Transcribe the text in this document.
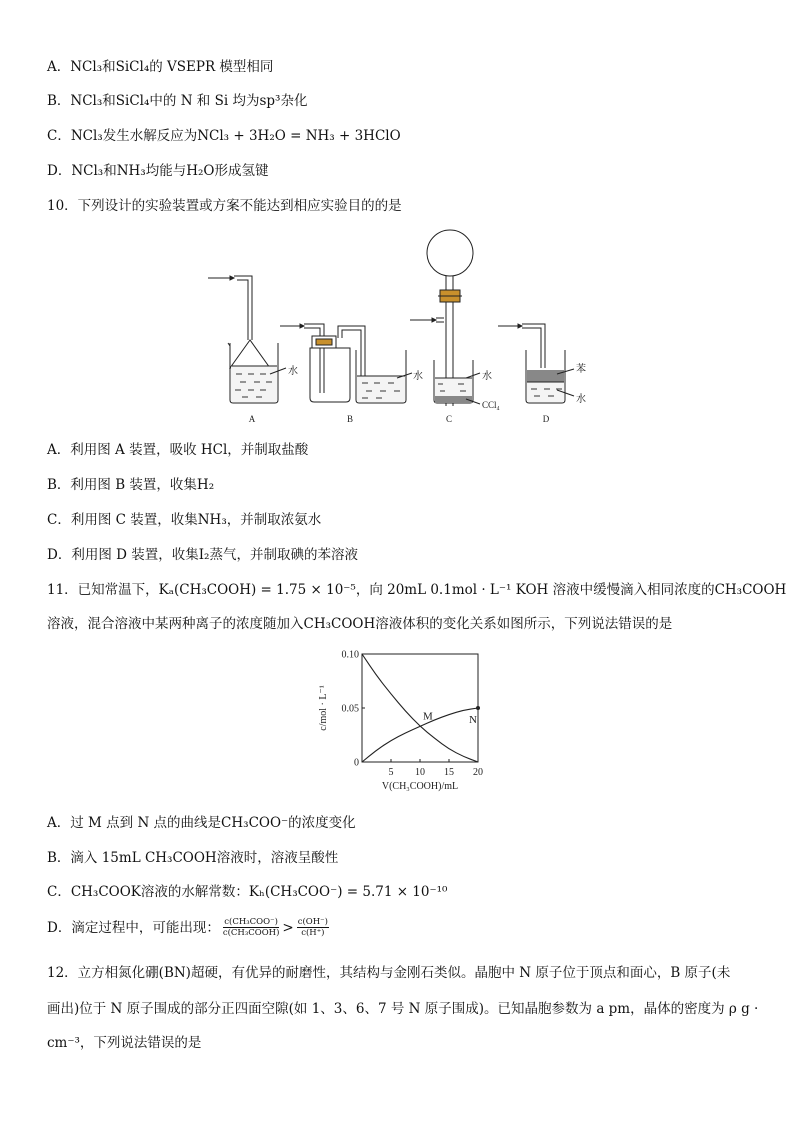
A．NCl₃和SiCl₄的 VSEPR 模型相同
B．NCl₃和SiCl₄中的 N 和 Si 均为sp³杂化
C．NCl₃发生水解反应为NCl₃ + 3H₂O = NH₃ + 3HClO
D．NCl₃和NH₃均能与H₂O形成氢键
10．下列设计的实验装置或方案不能达到相应实验目的的是
水	水	水
CCl₄
苯
水
A	B	C	D
A．利用图 A 装置，吸收 HCl，并制取盐酸
B．利用图 B 装置，收集H₂
C．利用图 C 装置，收集NH₃，并制取浓氨水
D．利用图 D 装置，收集I₂蒸气，并制取碘的苯溶液
11．已知常温下，Kₐ(CH₃COOH) = 1.75 × 10⁻⁵，向 20mL 0.1mol · L⁻¹ KOH 溶液中缓慢滴入相同浓度的CH₃COOH
溶液，混合溶液中某两种离子的浓度随加入CH₃COOH溶液体积的变化关系如图所示，下列说法错误的是
0
0.05
0.10
5 10 15 20
V(CH₃COOH)/mL
c/mol · L⁻¹	M	N
A．过 M 点到 N 点的曲线是CH₃COO⁻的浓度变化
B．滴入 15mL CH₃COOH溶液时，溶液呈酸性
C．CH₃COOK溶液的水解常数：Kₕ(CH₃COO⁻) = 5.71 × 10⁻¹⁰
D．滴定过程中，可能出现： c(CH₃COO⁻)
c(CH₃COOH) > $\frac{c(OH^-)}{c(H^+)}$
12．立方相氮化硼(BN)超硬，有优异的耐磨性，其结构与金刚石类似。晶胞中 N 原子位于顶点和面心，B 原子(未
画出)位于 N 原子围成的部分正四面空隙(如 1、3、6、7 号 N 原子围成)。已知晶胞参数为 a pm，晶体的密度为 ρ g ·
cm⁻³，下列说法错误的是
